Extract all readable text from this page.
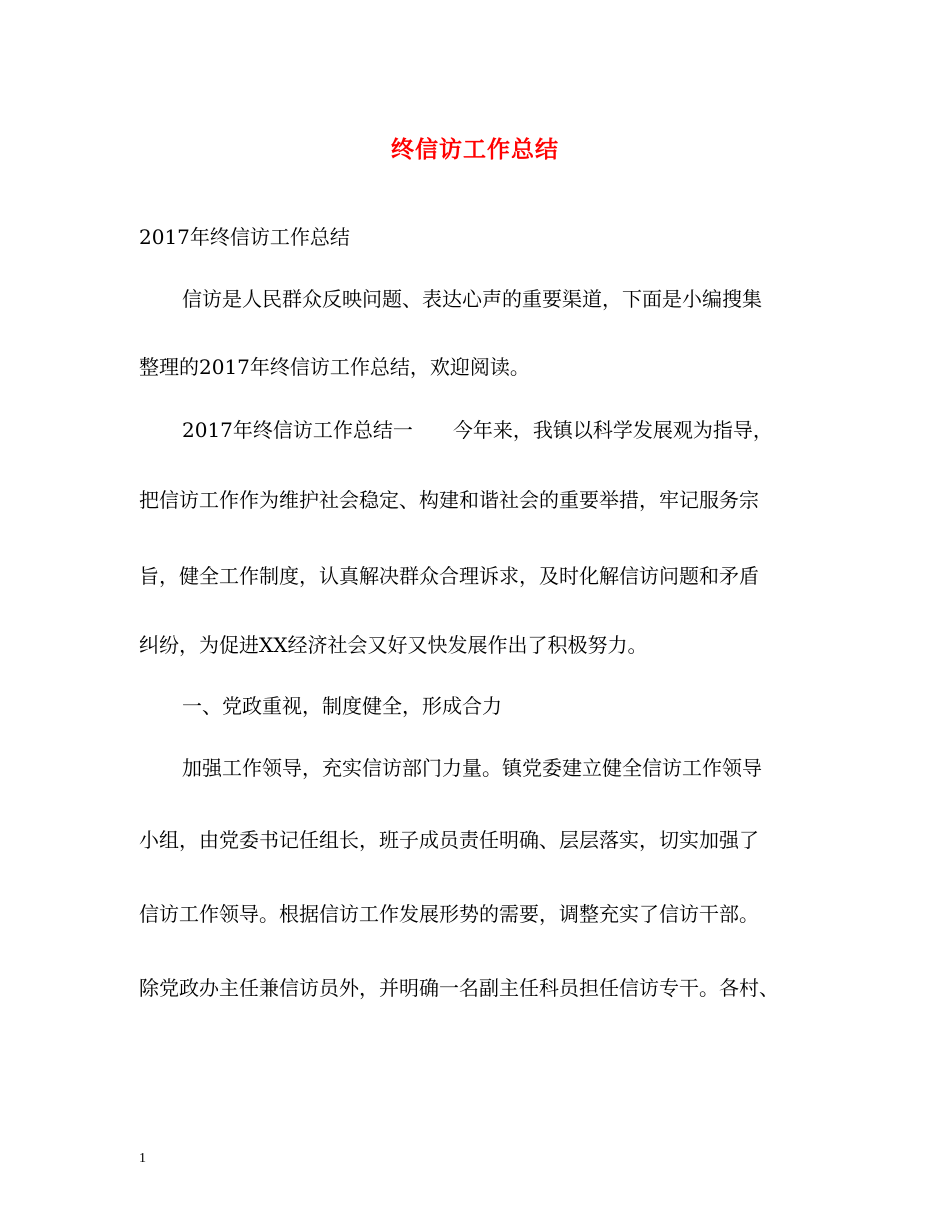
终信访工作总结
2017年终信访工作总结
信访是人民群众反映问题、表达心声的重要渠道，下面是小编搜集
整理的2017年终信访工作总结，欢迎阅读。
2017年终信访工作总结一　　今年来，我镇以科学发展观为指导，
把信访工作作为维护社会稳定、构建和谐社会的重要举措，牢记服务宗
旨，健全工作制度，认真解决群众合理诉求，及时化解信访问题和矛盾
纠纷，为促进XX经济社会又好又快发展作出了积极努力。
一、党政重视，制度健全，形成合力
加强工作领导，充实信访部门力量。镇党委建立健全信访工作领导
小组，由党委书记任组长，班子成员责任明确、层层落实，切实加强了
信访工作领导。根据信访工作发展形势的需要，调整充实了信访干部。
除党政办主任兼信访员外，并明确一名副主任科员担任信访专干。各村、
1
